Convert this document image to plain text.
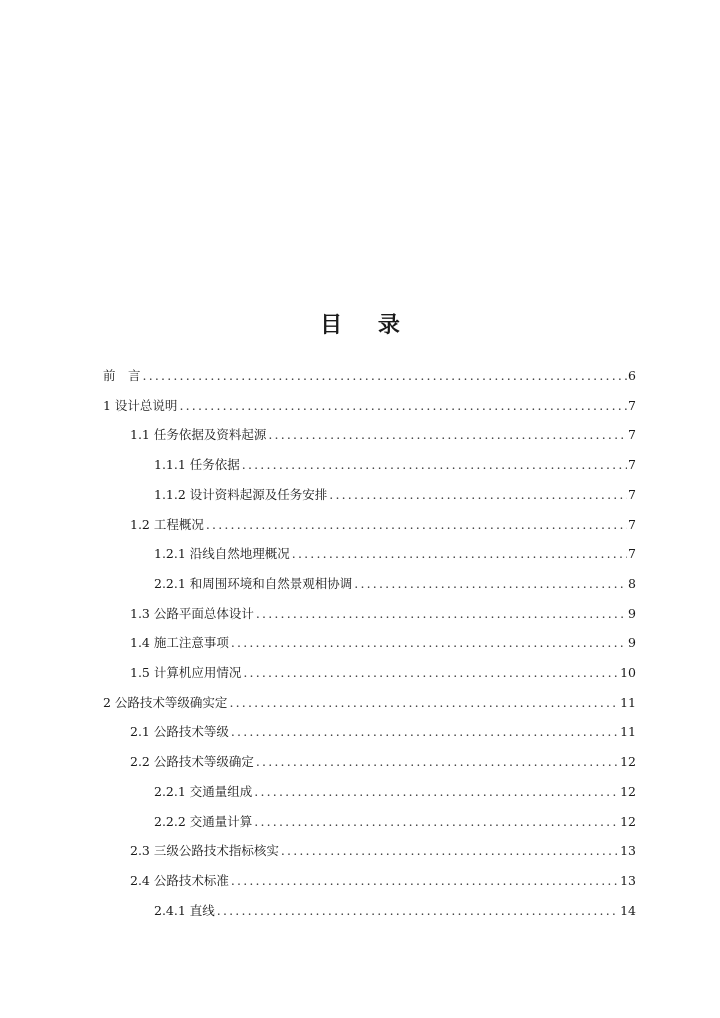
目 录
前　言 .....	6
1 设计总说明 .....	7
1.1 任务依据及资料起源 .....	7
1.1.1 任务依据 .....	7
1.1.2 设计资料起源及任务安排 .....	7
1.2 工程概况 .....	7
1.2.1 沿线自然地理概况 .....	7
2.2.1 和周围环境和自然景观相协调 .....	8
1.3 公路平面总体设计 .....	9
1.4 施工注意事项 .....	9
1.5 计算机应用情况 .....	10
2 公路技术等级确实定 .....	11
2.1 公路技术等级 .....	11
2.2 公路技术等级确定 .....	12
2.2.1 交通量组成 .....	12
2.2.2 交通量计算 .....	12
2.3 三级公路技术指标核实 .....	13
2.4 公路技术标准 .....	13
2.4.1 直线 .....	14
